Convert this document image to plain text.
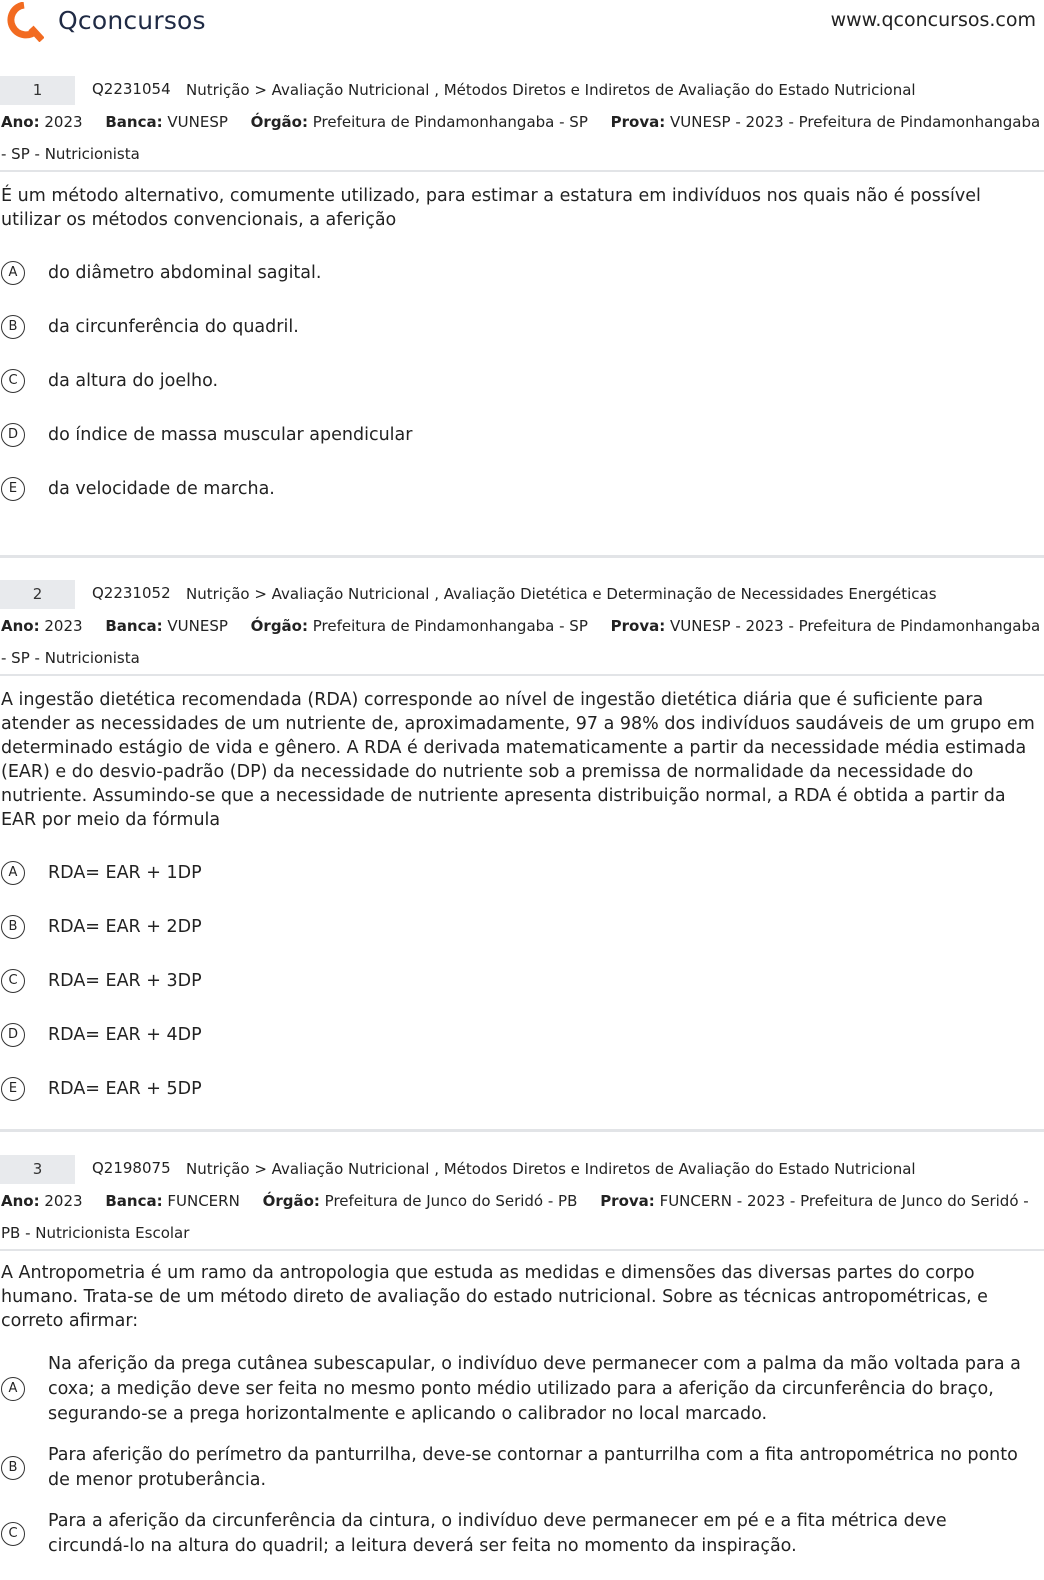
Qconcursos	www.qconcursos.com
1	Q2231054 Nutrição > Avaliação Nutricional , Métodos Diretos e Indiretos de Avaliação do Estado Nutricional
Ano: 2023 Banca: VUNESP Órgão: Prefeitura de Pindamonhangaba - SP Prova: VUNESP - 2023 - Prefeitura de Pindamonhangaba - SP - Nutricionista
É um método alternativo, comumente utilizado, para estimar a estatura em indivíduos nos quais não é possível utilizar os métodos convencionais, a aferição
A	do diâmetro abdominal sagital.
B	da circunferência do quadril.
C	da altura do joelho.
D	do índice de massa muscular apendicular
E	da velocidade de marcha.
2	Q2231052 Nutrição > Avaliação Nutricional , Avaliação Dietética e Determinação de Necessidades Energéticas
Ano: 2023 Banca: VUNESP Órgão: Prefeitura de Pindamonhangaba - SP Prova: VUNESP - 2023 - Prefeitura de Pindamonhangaba - SP - Nutricionista
A ingestão dietética recomendada (RDA) corresponde ao nível de ingestão dietética diária que é suficiente para atender as necessidades de um nutriente de, aproximadamente, 97 a 98% dos indivíduos saudáveis de um grupo em determinado estágio de vida e gênero. A RDA é derivada matematicamente a partir da necessidade média estimada (EAR) e do desvio-padrão (DP) da necessidade do nutriente sob a premissa de normalidade da necessidade do nutriente. Assumindo-se que a necessidade de nutriente apresenta distribuição normal, a RDA é obtida a partir da EAR por meio da fórmula
A	RDA= EAR + 1DP
B	RDA= EAR + 2DP
C	RDA= EAR + 3DP
D	RDA= EAR + 4DP
E	RDA= EAR + 5DP
3	Q2198075 Nutrição > Avaliação Nutricional , Métodos Diretos e Indiretos de Avaliação do Estado Nutricional
Ano: 2023 Banca: FUNCERN Órgão: Prefeitura de Junco do Seridó - PB Prova: FUNCERN - 2023 - Prefeitura de Junco do Seridó - PB - Nutricionista Escolar
A Antropometria é um ramo da antropologia que estuda as medidas e dimensões das diversas partes do corpo humano. Trata-se de um método direto de avaliação do estado nutricional. Sobre as técnicas antropométricas, e correto afirmar:
A
Na aferição da prega cutânea subescapular, o indivíduo deve permanecer com a palma da mão voltada para a coxa; a medição deve ser feita no mesmo ponto médio utilizado para a aferição da circunferência do braço, segurando-se a prega horizontalmente e aplicando o calibrador no local marcado.
B
Para aferição do perímetro da panturrilha, deve-se contornar a panturrilha com a fita antropométrica no ponto de menor protuberância.
C
Para a aferição da circunferência da cintura, o indivíduo deve permanecer em pé e a fita métrica deve circundá-lo na altura do quadril; a leitura deverá ser feita no momento da inspiração.
